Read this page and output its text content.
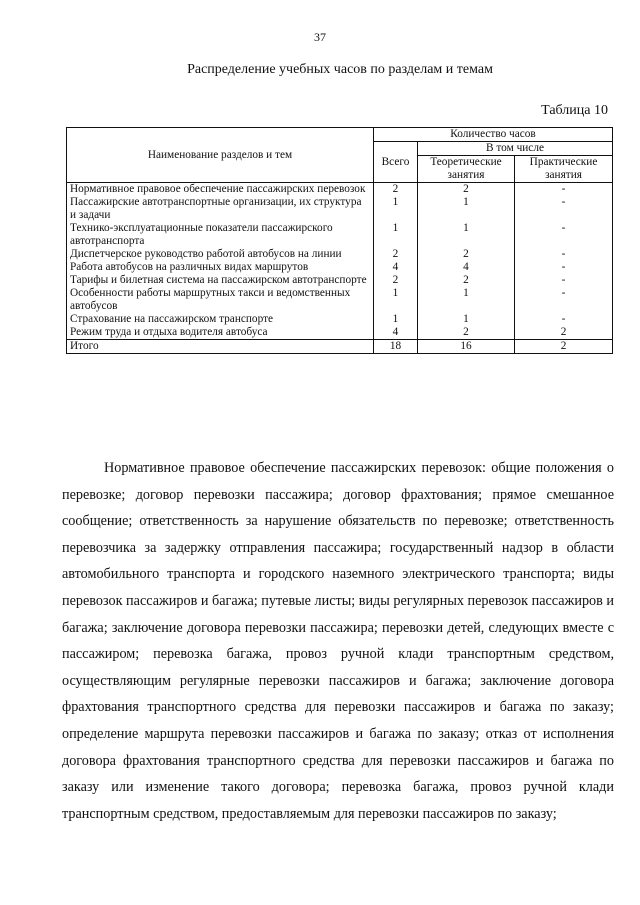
37
Распределение учебных часов по разделам и темам
Таблица 10
Наименование разделов и тем	Количество часов		
	Всего	В том числе	
		Теоретические занятия	Практические занятия
Нормативное правовое обеспечение пассажирских перевозок	2	2	-
Пассажирские автотранспортные организации, их структура и задачи	1	1	-
Технико-эксплуатационные показатели пассажирского автотранспорта	1	1	-
Диспетчерское руководство работой автобусов на линии	2	2	-
Работа автобусов на различных видах маршрутов	4	4	-
Тарифы и билетная система на пассажирском автотранспорте	2	2	-
Особенности работы маршрутных такси и ведомственных автобусов	1	1	-
Страхование на пассажирском транспорте	1	1	-
Режим труда и отдыха водителя автобуса	4	2	2
Итого	18	16	2

Нормативное правовое обеспечение пассажирских перевозок: общие положения о перевозке; договор перевозки пассажира; договор фрахтования; прямое смешанное сообщение; ответственность за нарушение обязательств по перевозке; ответственность перевозчика за задержку отправления пассажира; государственный надзор в области автомобильного транспорта и городского наземного электрического транспорта; виды перевозок пассажиров и багажа; путевые листы; виды регулярных перевозок пассажиров и багажа; заключение договора перевозки пассажира; перевозки детей, следующих вместе с пассажиром; перевозка багажа, провоз ручной клади транспортным средством, осуществляющим регулярные перевозки пассажиров и багажа; заключение договора фрахтования транспортного средства для перевозки пассажиров и багажа по заказу; определение маршрута перевозки пассажиров и багажа по заказу; отказ от исполнения договора фрахтования транспортного средства для перевозки пассажиров и багажа по заказу или изменение такого договора; перевозка багажа, провоз ручной клади транспортным средством, предоставляемым для перевозки пассажиров по заказу;
